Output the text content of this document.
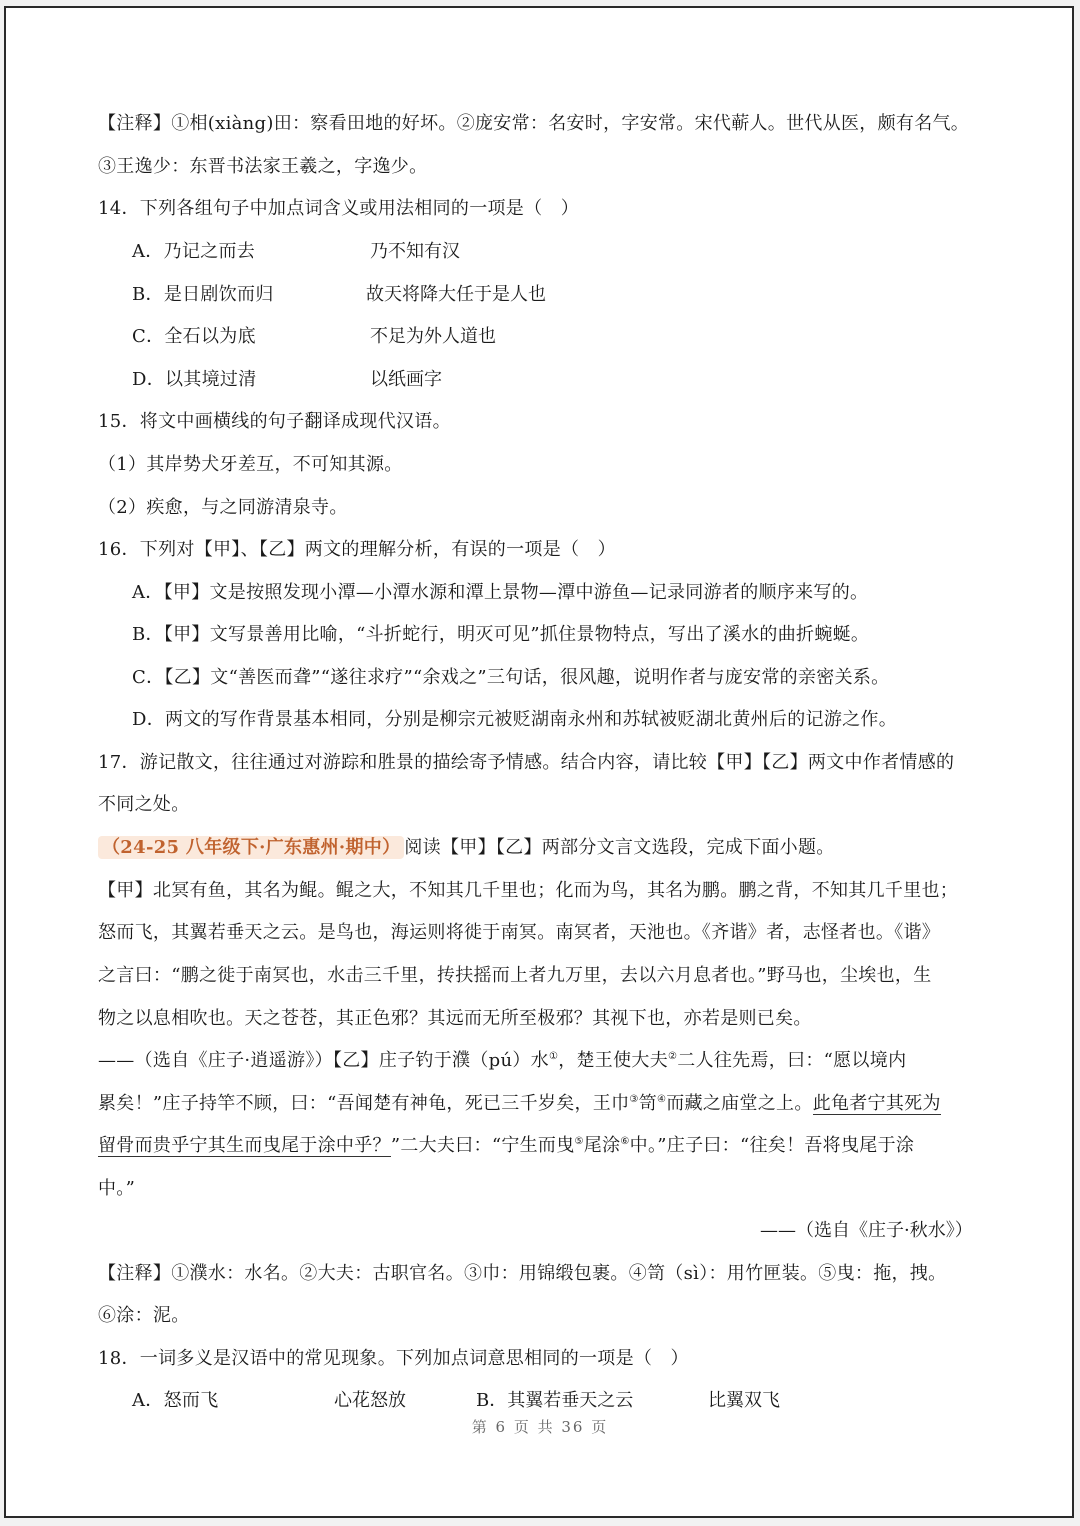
【注释】①相(xiàng)田：察看田地的好坏。②庞安常：名安时，字安常。宋代蕲人。世代从医，颇有名气。
③王逸少：东晋书法家王羲之，字逸少。
14．下列各组句子中加点词含义或用法相同的一项是（　）
A．乃记之而去	乃不知有汉
B．是日剧饮而归	故天将降大任于是人也
C．全石以为底	不足为外人道也
D．以其境过清	以纸画字
15．将文中画横线的句子翻译成现代汉语。
（1）其岸势犬牙差互，不可知其源。
（2）疾愈，与之同游清泉寺。
16．下列对【甲】、【乙】两文的理解分析，有误的一项是（　）
A．【甲】文是按照发现小潭—小潭水源和潭上景物—潭中游鱼—记录同游者的顺序来写的。
B．【甲】文写景善用比喻，“斗折蛇行，明灭可见”抓住景物特点，写出了溪水的曲折蜿蜒。
C．【乙】文“善医而聋”“遂往求疗”“余戏之”三句话，很风趣，说明作者与庞安常的亲密关系。
D．两文的写作背景基本相同，分别是柳宗元被贬湖南永州和苏轼被贬湖北黄州后的记游之作。
17．游记散文，往往通过对游踪和胜景的描绘寄予情感。结合内容，请比较【甲】【乙】两文中作者情感的
不同之处。
（24-25 八年级下·广东惠州·期中） 阅读【甲】【乙】两部分文言文选段，完成下面小题。
【甲】北冥有鱼，其名为鲲。鲲之大，不知其几千里也；化而为鸟，其名为鹏。鹏之背，不知其几千里也；
怒而飞，其翼若垂天之云。是鸟也，海运则将徙于南冥。南冥者，天池也。《齐谐》者，志怪者也。《谐》
之言曰：“鹏之徙于南冥也，水击三千里，抟扶摇而上者九万里，去以六月息者也。”野马也，尘埃也，生
物之以息相吹也。天之苍苍，其正色邪？其远而无所至极邪？其视下也，亦若是则已矣。
——（选自《庄子·逍遥游》）【乙】庄子钓于濮（pú）水①，楚王使大夫②二人往先焉，曰：“愿以境内
累矣！”庄子持竿不顾，曰：“吾闻楚有神龟，死已三千岁矣，王巾③笥④而藏之庙堂之上。此龟者宁其死为
留骨而贵乎宁其生而曳尾于涂中乎？”二大夫曰：“宁生而曳⑤尾涂⑥中。”庄子曰：“往矣！吾将曳尾于涂
中。”
——（选自《庄子·秋水》）
【注释】①濮水：水名。②大夫：古职官名。③巾：用锦缎包裹。④笥（sì）：用竹匣装。⑤曳：拖，拽。
⑥涂：泥。
18．一词多义是汉语中的常见现象。下列加点词意思相同的一项是（　）
A．怒而飞	心花怒放	B．其翼若垂天之云	比翼双飞
第 6 页 共 36 页
